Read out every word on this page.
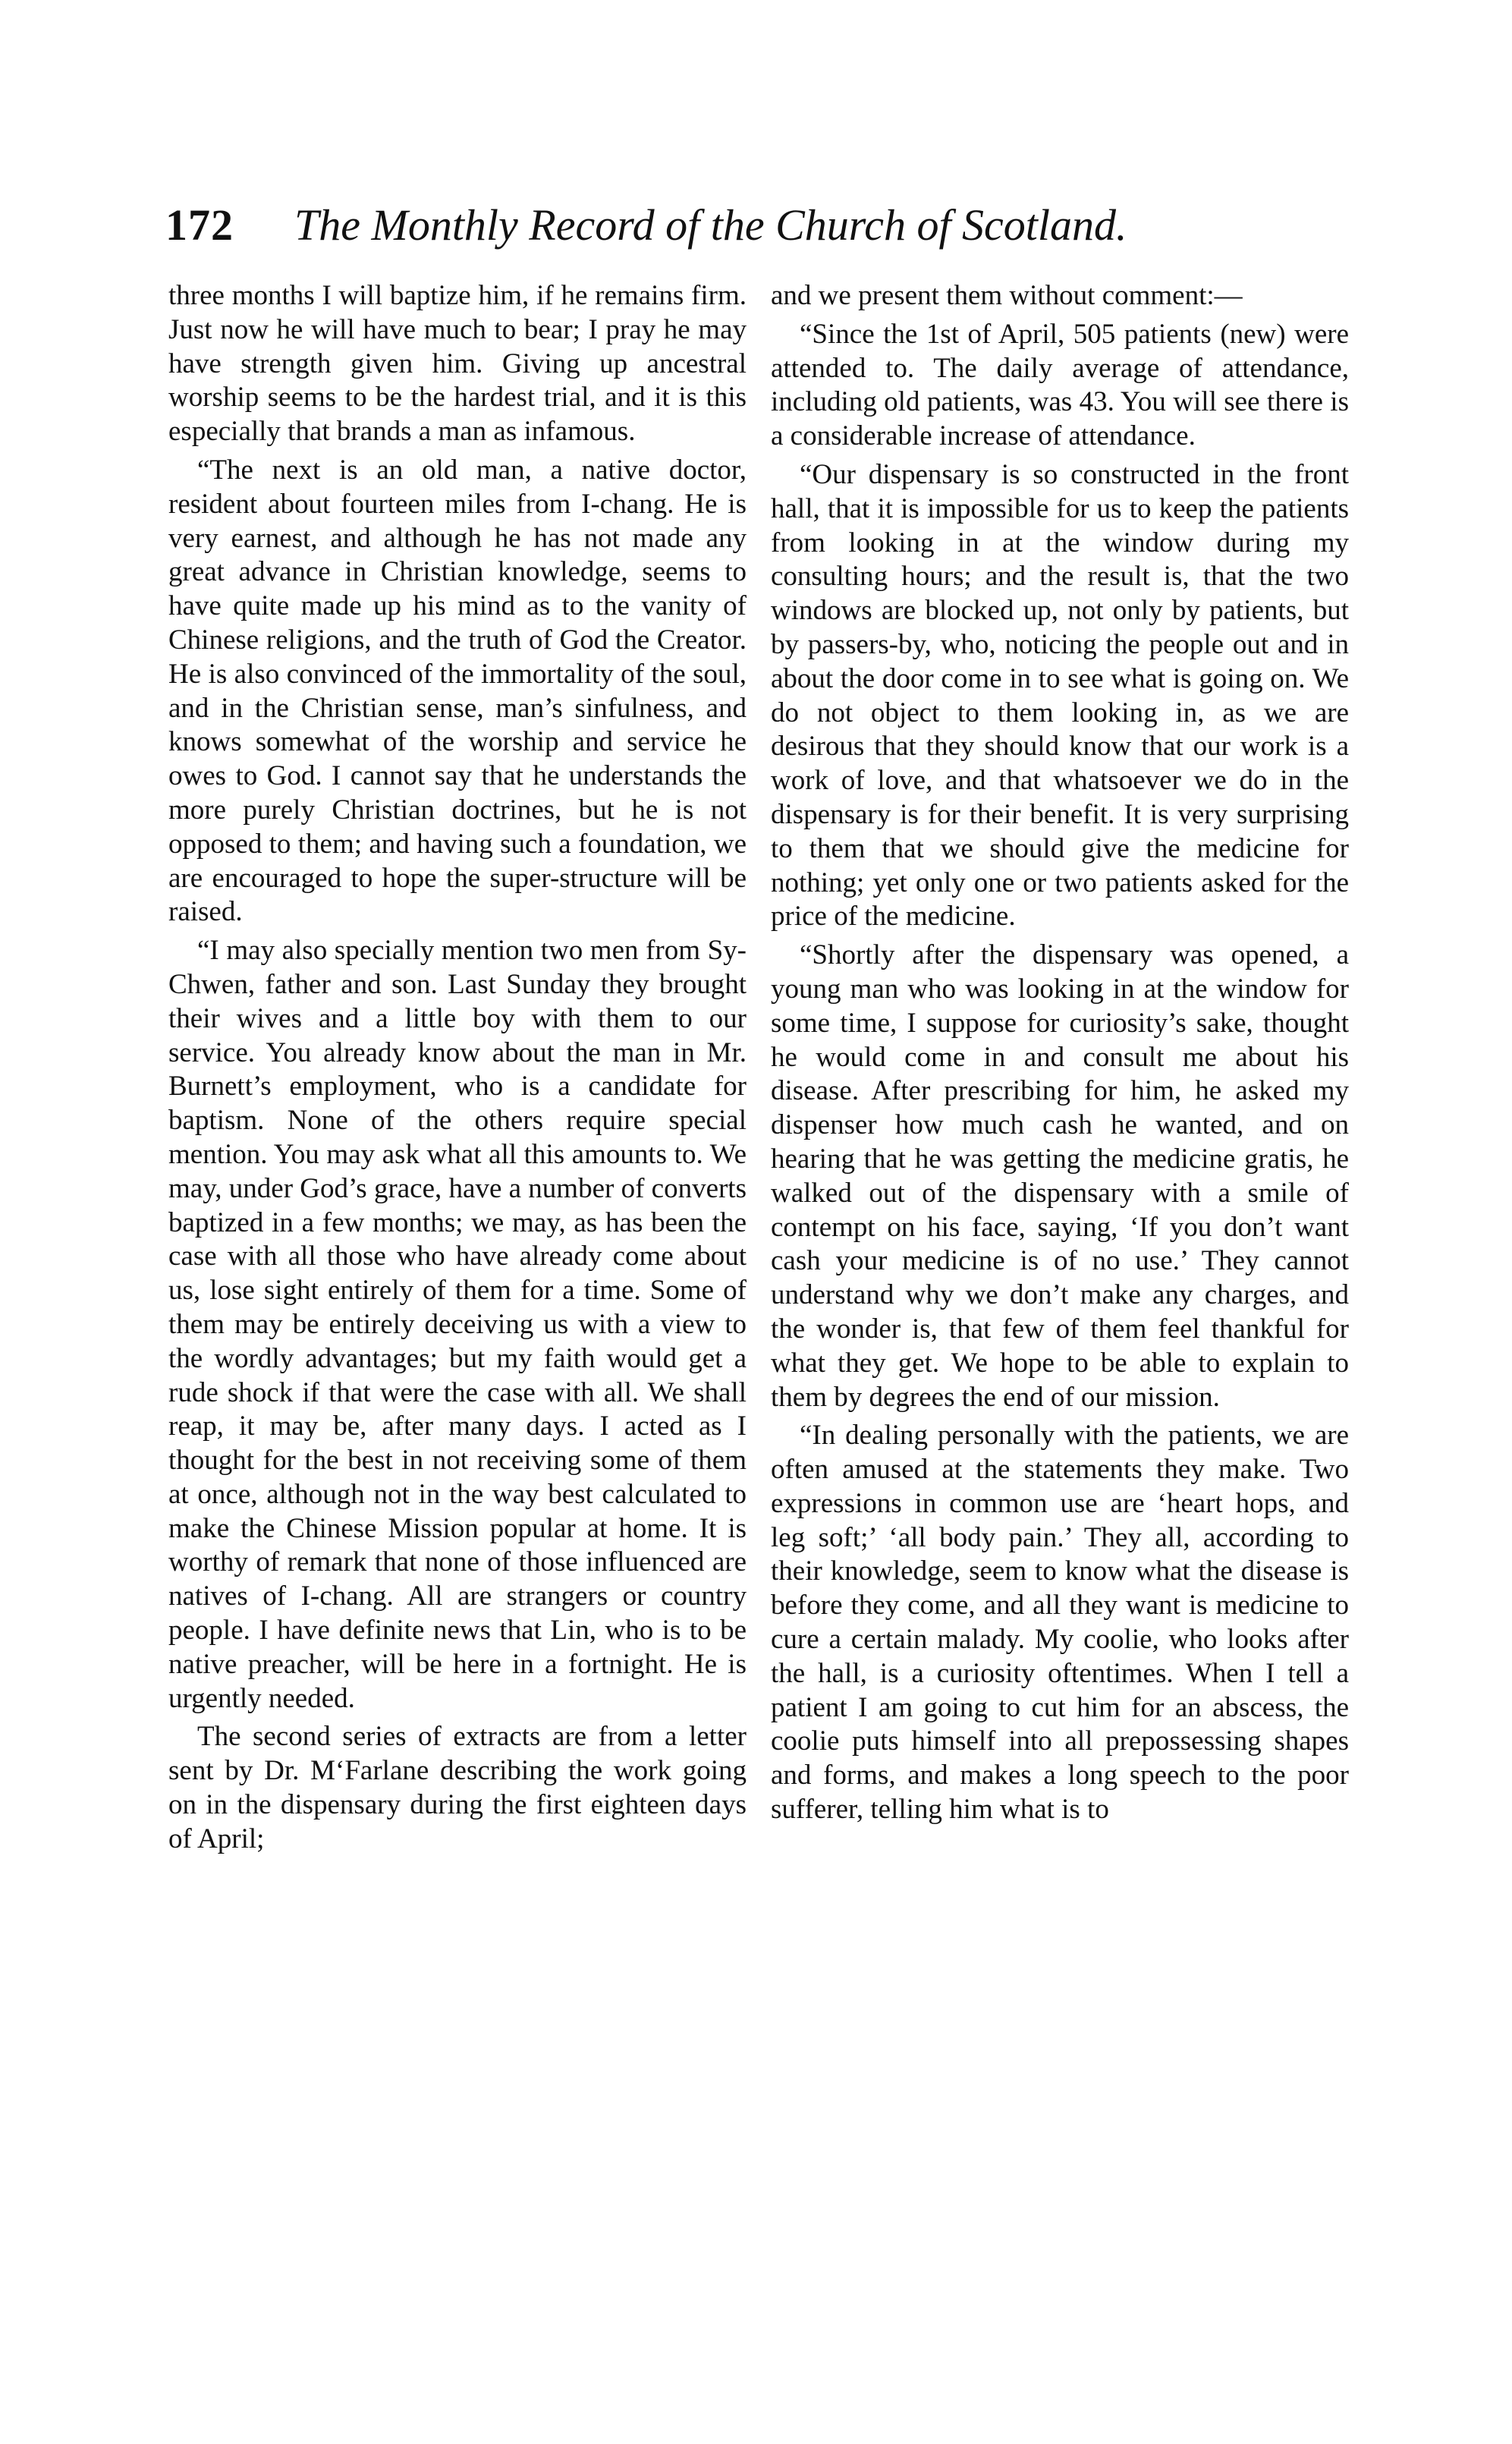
172 The Monthly Record of the Church of Scotland.

three months I will baptize him, if he remains firm. Just now he will have much to bear; I pray he may have strength given him. Giving up ancestral worship seems to be the hardest trial, and it is this especially that brands a man as infamous.

“The next is an old man, a native doctor, resident about fourteen miles from I-chang. He is very earnest, and although he has not made any great advance in Christian knowledge, seems to have quite made up his mind as to the vanity of Chinese religions, and the truth of God the Creator. He is also convinced of the immortality of the soul, and in the Christian sense, man’s sinfulness, and knows somewhat of the worship and service he owes to God. I cannot say that he understands the more purely Christian doctrines, but he is not opposed to them; and having such a foundation, we are encouraged to hope the super-structure will be raised.

“I may also specially mention two men from Sy-Chwen, father and son. Last Sunday they brought their wives and a little boy with them to our service. You already know about the man in Mr. Burnett’s employment, who is a candidate for baptism. None of the others require special mention. You may ask what all this amounts to. We may, under God’s grace, have a number of converts baptized in a few months; we may, as has been the case with all those who have already come about us, lose sight entirely of them for a time. Some of them may be entirely deceiving us with a view to the wordly advantages; but my faith would get a rude shock if that were the case with all. We shall reap, it may be, after many days. I acted as I thought for the best in not receiving some of them at once, although not in the way best calculated to make the Chinese Mission popular at home. It is worthy of remark that none of those influenced are natives of I-chang. All are strangers or country people. I have definite news that Lin, who is to be native preacher, will be here in a fortnight. He is urgently needed.

The second series of extracts are from a letter sent by Dr. M‘Farlane describing the work going on in the dispensary during the first eighteen days of April;

and we present them without comment:—

“Since the 1st of April, 505 patients (new) were attended to. The daily average of attendance, including old patients, was 43. You will see there is a considerable increase of attendance.

“Our dispensary is so constructed in the front hall, that it is impossible for us to keep the patients from looking in at the window during my consulting hours; and the result is, that the two windows are blocked up, not only by patients, but by passers-by, who, noticing the people out and in about the door come in to see what is going on. We do not object to them looking in, as we are desirous that they should know that our work is a work of love, and that whatsoever we do in the dispensary is for their benefit. It is very surprising to them that we should give the medicine for nothing; yet only one or two patients asked for the price of the medicine.

“Shortly after the dispensary was opened, a young man who was looking in at the window for some time, I suppose for curiosity’s sake, thought he would come in and consult me about his disease. After prescribing for him, he asked my dispenser how much cash he wanted, and on hearing that he was getting the medicine gratis, he walked out of the dispensary with a smile of contempt on his face, saying, ‘If you don’t want cash your medicine is of no use.’ They cannot understand why we don’t make any charges, and the wonder is, that few of them feel thankful for what they get. We hope to be able to explain to them by degrees the end of our mission.

“In dealing personally with the patients, we are often amused at the statements they make. Two expressions in common use are ‘heart hops, and leg soft;’ ‘all body pain.’ They all, according to their knowledge, seem to know what the disease is before they come, and all they want is medicine to cure a certain malady. My coolie, who looks after the hall, is a curiosity oftentimes. When I tell a patient I am going to cut him for an abscess, the coolie puts himself into all prepossessing shapes and forms, and makes a long speech to the poor sufferer, telling him what is to
